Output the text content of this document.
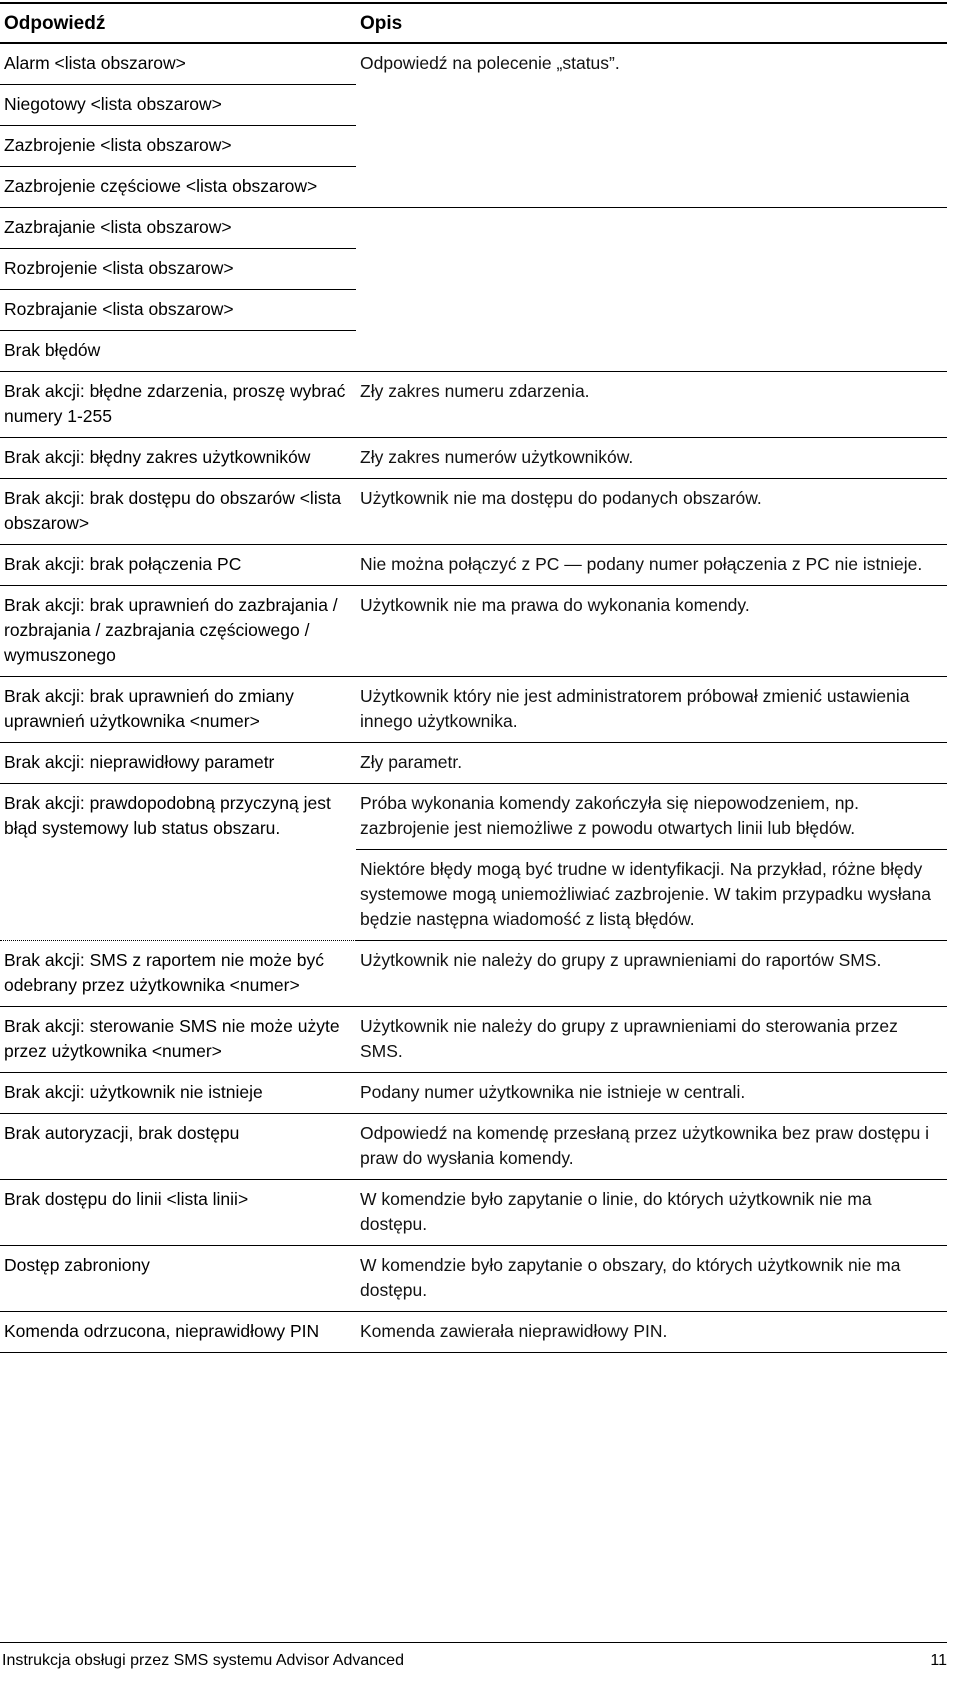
Odpowiedź	Opis
Alarm <lista obszarow>	Odpowiedź na polecenie „status”.
Niegotowy <lista obszarow>	
Zazbrojenie <lista obszarow>	
Zazbrojenie częściowe <lista obszarow>	
Zazbrajanie <lista obszarow>	
Rozbrojenie <lista obszarow>	
Rozbrajanie <lista obszarow>	
Brak błędów	
Brak akcji: błędne zdarzenia, proszę wybrać numery 1-255	Zły zakres numeru zdarzenia.
Brak akcji: błędny zakres użytkowników	Zły zakres numerów użytkowników.
Brak akcji: brak dostępu do obszarów <lista obszarow>	Użytkownik nie ma dostępu do podanych obszarów.
Brak akcji: brak połączenia PC	Nie można połączyć z PC — podany numer połączenia z PC nie istnieje.
Brak akcji: brak uprawnień do zazbrajania / rozbrajania / zazbrajania częściowego / wymuszonego	Użytkownik nie ma prawa do wykonania komendy.
Brak akcji: brak uprawnień do zmiany uprawnień użytkownika <numer>	Użytkownik który nie jest administratorem próbował zmienić ustawienia innego użytkownika.
Brak akcji: nieprawidłowy parametr	Zły parametr.
Brak akcji: prawdopodobną przyczyną jest błąd systemowy lub status obszaru.	Próba wykonania komendy zakończyła się niepowodzeniem, np. zazbrojenie jest niemożliwe z powodu otwartych linii lub błędów.
	Niektóre błędy mogą być trudne w identyfikacji. Na przykład, różne błędy systemowe mogą uniemożliwiać zazbrojenie. W takim przypadku wysłana będzie następna wiadomość z listą błędów.
Brak akcji: SMS z raportem nie może być odebrany przez użytkownika <numer>	Użytkownik nie należy do grupy z uprawnieniami do raportów SMS.
Brak akcji: sterowanie SMS nie może użyte przez użytkownika <numer>	Użytkownik nie należy do grupy z uprawnieniami do sterowania przez SMS.
Brak akcji: użytkownik nie istnieje	Podany numer użytkownika nie istnieje w centrali.
Brak autoryzacji, brak dostępu	Odpowiedź na komendę przesłaną przez użytkownika bez praw dostępu i praw do wysłania komendy.
Brak dostępu do linii <lista linii>	W komendzie było zapytanie o linie, do których użytkownik nie ma dostępu.
Dostęp zabroniony	W komendzie było zapytanie o obszary, do których użytkownik nie ma dostępu.
Komenda odrzucona, nieprawidłowy PIN	Komenda zawierała nieprawidłowy PIN.
Instrukcja obsługi przez SMS systemu Advisor Advanced	11
